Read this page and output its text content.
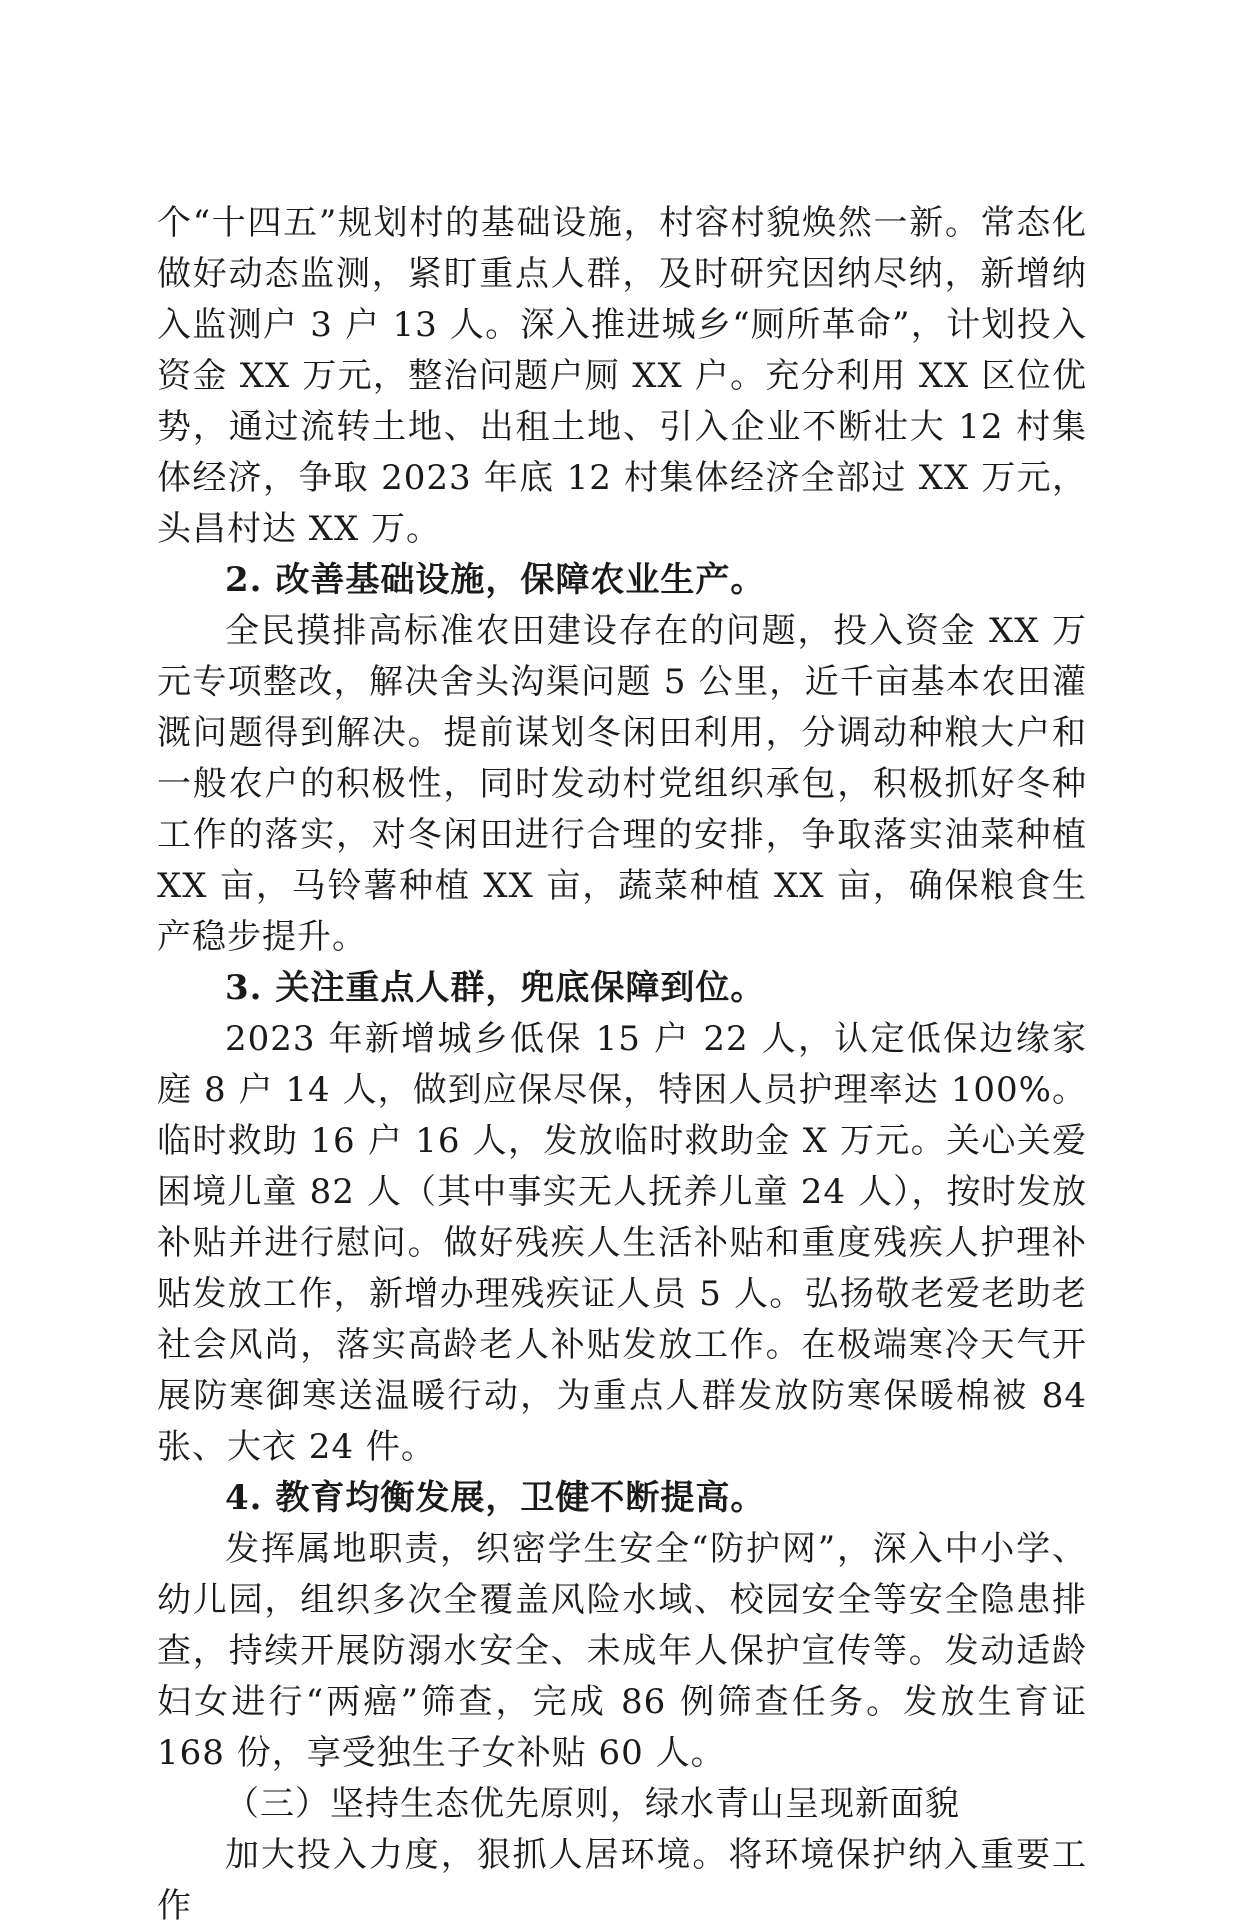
个“十四五”规划村的基础设施，村容村貌焕然一新。常态化做好动态监测，紧盯重点人群，及时研究因纳尽纳，新增纳入监测户 3 户 13 人。深入推进城乡“厕所革命”，计划投入资金 XX 万元，整治问题户厕 XX 户。充分利用 XX 区位优势，通过流转土地、出租土地、引入企业不断壮大 12 村集体经济，争取 2023 年底 12 村集体经济全部过 XX 万元，头昌村达 XX 万。

2. 改善基础设施，保障农业生产。

全民摸排高标准农田建设存在的问题，投入资金 XX 万元专项整改，解决舍头沟渠问题 5 公里，近千亩基本农田灌溉问题得到解决。提前谋划冬闲田利用，分调动种粮大户和一般农户的积极性，同时发动村党组织承包，积极抓好冬种工作的落实，对冬闲田进行合理的安排，争取落实油菜种植 XX 亩，马铃薯种植 XX 亩，蔬菜种植 XX 亩，确保粮食生产稳步提升。

3. 关注重点人群，兜底保障到位。

2023 年新增城乡低保 15 户 22 人，认定低保边缘家庭 8 户 14 人，做到应保尽保，特困人员护理率达 100%。临时救助 16 户 16 人，发放临时救助金 X 万元。关心关爱困境儿童 82 人（其中事实无人抚养儿童 24 人），按时发放补贴并进行慰问。做好残疾人生活补贴和重度残疾人护理补贴发放工作，新增办理残疾证人员 5 人。弘扬敬老爱老助老社会风尚，落实高龄老人补贴发放工作。在极端寒冷天气开展防寒御寒送温暖行动，为重点人群发放防寒保暖棉被 84 张、大衣 24 件。

4. 教育均衡发展，卫健不断提高。

发挥属地职责，织密学生安全“防护网”，深入中小学、幼儿园，组织多次全覆盖风险水域、校园安全等安全隐患排查，持续开展防溺水安全、未成年人保护宣传等。发动适龄妇女进行“两癌”筛查，完成 86 例筛查任务。发放生育证 168 份，享受独生子女补贴 60 人。

（三）坚持生态优先原则，绿水青山呈现新面貌

加大投入力度，狠抓人居环境。将环境保护纳入重要工作
